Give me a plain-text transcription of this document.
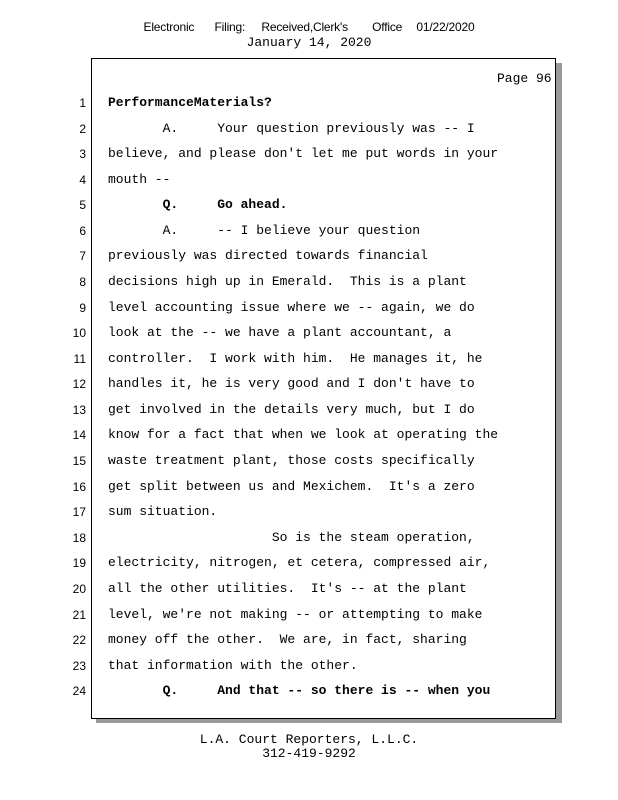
Electronic Filing: Received,Clerk's Office 01/22/2020
January 14, 2020
Page 96
1 PerformanceMaterials?
2 A.     Your question previously was -- I
3 believe, and please don't let me put words in your
4 mouth --
5 Q.     Go ahead.
6 A.     -- I believe your question
7 previously was directed towards financial
8 decisions high up in Emerald.  This is a plant
9 level accounting issue where we -- again, we do
10 look at the -- we have a plant accountant, a
11 controller.  I work with him.  He manages it, he
12 handles it, he is very good and I don't have to
13 get involved in the details very much, but I do
14 know for a fact that when we look at operating the
15 waste treatment plant, those costs specifically
16 get split between us and Mexichem.  It's a zero
17 sum situation.
18 So is the steam operation,
19 electricity, nitrogen, et cetera, compressed air,
20 all the other utilities.  It's -- at the plant
21 level, we're not making -- or attempting to make
22 money off the other.  We are, in fact, sharing
23 that information with the other.
24 Q.     And that -- so there is -- when you
L.A. Court Reporters, L.L.C.
312-419-9292
